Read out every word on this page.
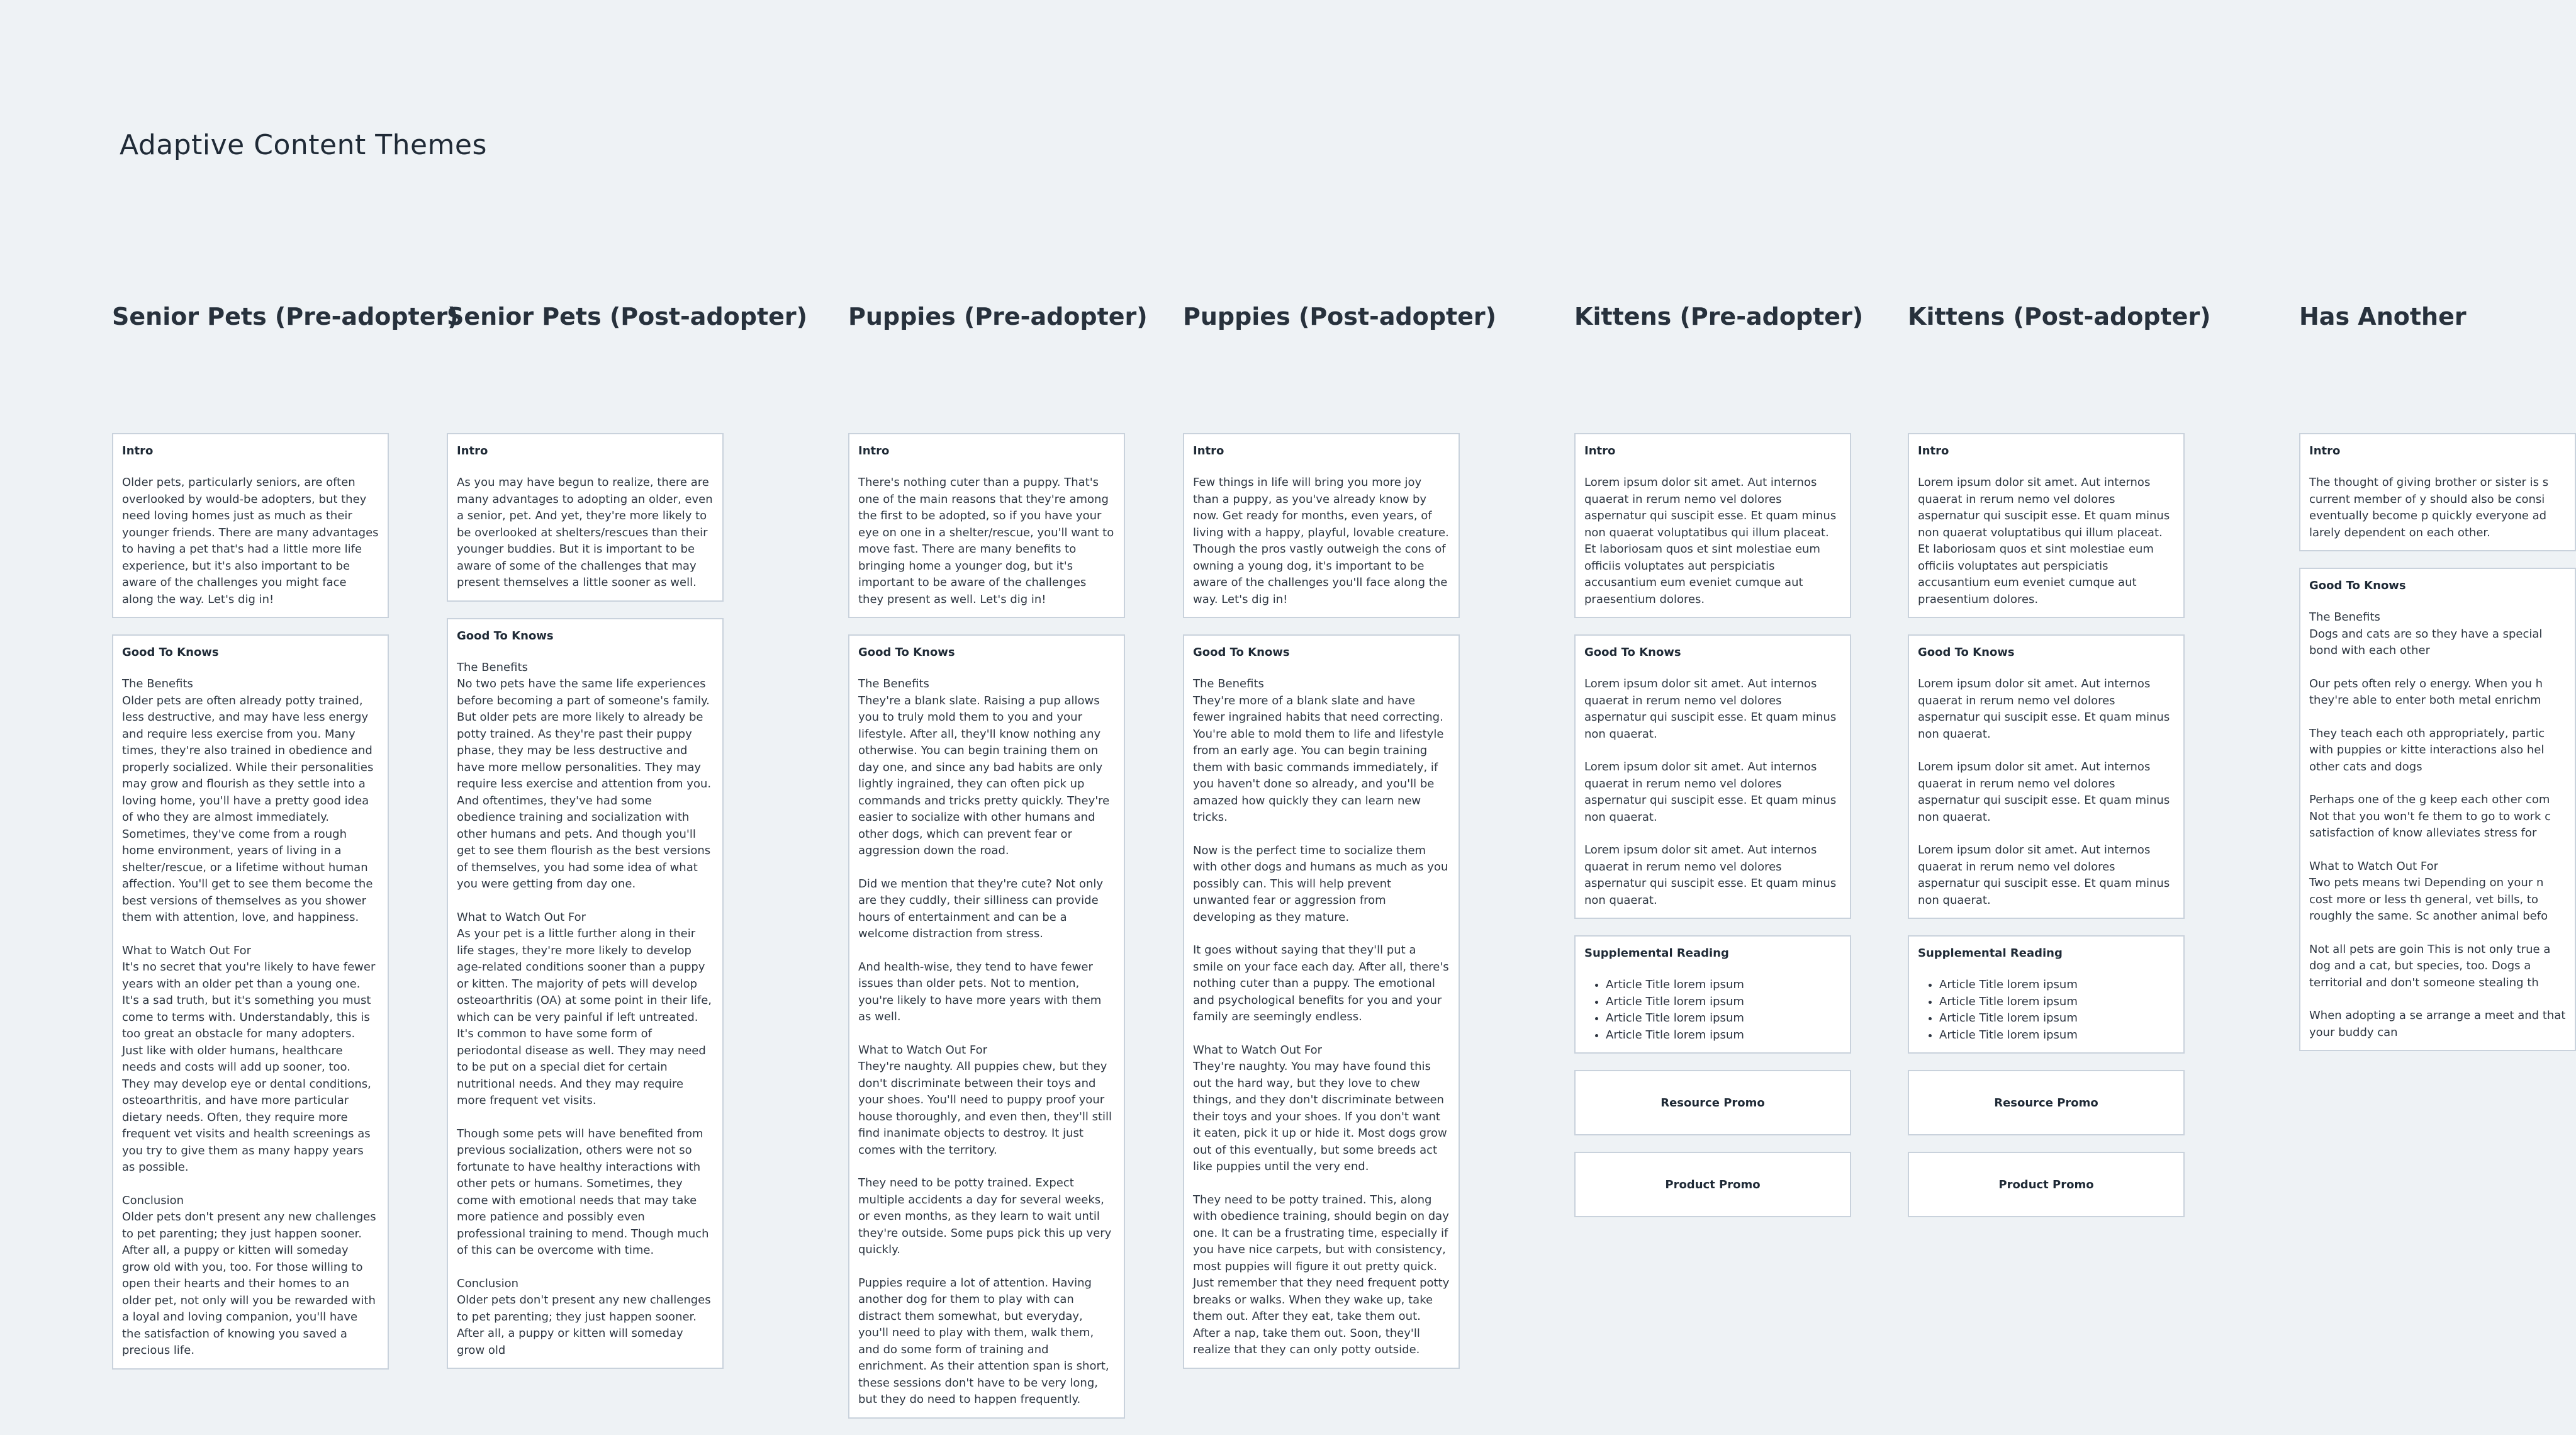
Adaptive Content Themes
Senior Pets (Pre-adopter)
Intro

Older pets, particularly seniors, are often overlooked by would-be adopters, but they need loving homes just as much as their younger friends. There are many advantages to having a pet that's had a little more life experience, but it's also important to be aware of the challenges you might face along the way. Let's dig in!

Good To Knows

The Benefits
Older pets are often already potty trained, less destructive, and may have less energy and require less exercise from you. Many times, they're also trained in obedience and properly socialized. While their personalities may grow and flourish as they settle into a loving home, you'll have a pretty good idea of who they are almost immediately. Sometimes, they've come from a rough home environment, years of living in a shelter/rescue, or a lifetime without human affection. You'll get to see them become the best versions of themselves as you shower them with attention, love, and happiness.

What to Watch Out For
It's no secret that you're likely to have fewer years with an older pet than a young one. It's a sad truth, but it's something you must come to terms with. Understandably, this is too great an obstacle for many adopters. Just like with older humans, healthcare needs and costs will add up sooner, too. They may develop eye or dental conditions, osteoarthritis, and have more particular dietary needs. Often, they require more frequent vet visits and health screenings as you try to give them as many happy years as possible.

Conclusion
Older pets don't present any new challenges to pet parenting; they just happen sooner. After all, a puppy or kitten will someday grow old with you, too. For those willing to open their hearts and their homes to an older pet, not only will you be rewarded with a loyal and loving companion, you'll have the satisfaction of knowing you saved a precious life.

Senior Pets (Post-adopter)
Intro

As you may have begun to realize, there are many advantages to adopting an older, even a senior, pet. And yet, they're more likely to be overlooked at shelters/rescues than their younger buddies. But it is important to be aware of some of the challenges that may present themselves a little sooner as well.

Good To Knows

The Benefits
No two pets have the same life experiences before becoming a part of someone's family. But older pets are more likely to already be potty trained. As they're past their puppy phase, they may be less destructive and have more mellow personalities. They may require less exercise and attention from you. And oftentimes, they've had some obedience training and socialization with other humans and pets. And though you'll get to see them flourish as the best versions of themselves, you had some idea of what you were getting from day one.

What to Watch Out For
As your pet is a little further along in their life stages, they're more likely to develop age-related conditions sooner than a puppy or kitten. The majority of pets will develop osteoarthritis (OA) at some point in their life, which can be very painful if left untreated. It's common to have some form of periodontal disease as well. They may need to be put on a special diet for certain nutritional needs. And they may require more frequent vet visits.

Though some pets will have benefited from previous socialization, others were not so fortunate to have healthy interactions with other pets or humans. Sometimes, they come with emotional needs that may take more patience and possibly even professional training to mend. Though much of this can be overcome with time.

Conclusion
Older pets don't present any new challenges to pet parenting; they just happen sooner. After all, a puppy or kitten will someday grow old

Puppies (Pre-adopter)
Intro

There's nothing cuter than a puppy. That's one of the main reasons that they're among the first to be adopted, so if you have your eye on one in a shelter/rescue, you'll want to move fast. There are many benefits to bringing home a younger dog, but it's important to be aware of the challenges they present as well. Let's dig in!

Good To Knows

The Benefits
They're a blank slate. Raising a pup allows you to truly mold them to you and your lifestyle. After all, they'll know nothing any otherwise. You can begin training them on day one, and since any bad habits are only lightly ingrained, they can often pick up commands and tricks pretty quickly. They're easier to socialize with other humans and other dogs, which can prevent fear or aggression down the road.

Did we mention that they're cute? Not only are they cuddly, their silliness can provide hours of entertainment and can be a welcome distraction from stress.

And health-wise, they tend to have fewer issues than older pets. Not to mention, you're likely to have more years with them as well.

What to Watch Out For
They're naughty. All puppies chew, but they don't discriminate between their toys and your shoes. You'll need to puppy proof your house thoroughly, and even then, they'll still find inanimate objects to destroy. It just comes with the territory.

They need to be potty trained. Expect multiple accidents a day for several weeks, or even months, as they learn to wait until they're outside. Some pups pick this up very quickly.

Puppies require a lot of attention. Having another dog for them to play with can distract them somewhat, but everyday, you'll need to play with them, walk them, and do some form of training and enrichment. As their attention span is short, these sessions don't have to be very long, but they do need to happen frequently.

Puppies (Post-adopter)
Intro

Few things in life will bring you more joy than a puppy, as you've already know by now. Get ready for months, even years, of living with a happy, playful, lovable creature. Though the pros vastly outweigh the cons of owning a young dog, it's important to be aware of the challenges you'll face along the way. Let's dig in!

Good To Knows

The Benefits
They're more of a blank slate and have fewer ingrained habits that need correcting. You're able to mold them to life and lifestyle from an early age. You can begin training them with basic commands immediately, if you haven't done so already, and you'll be amazed how quickly they can learn new tricks.

Now is the perfect time to socialize them with other dogs and humans as much as you possibly can. This will help prevent unwanted fear or aggression from developing as they mature.

It goes without saying that they'll put a smile on your face each day. After all, there's nothing cuter than a puppy. The emotional and psychological benefits for you and your family are seemingly endless.

What to Watch Out For
They're naughty. You may have found this out the hard way, but they love to chew things, and they don't discriminate between their toys and your shoes. If you don't want it eaten, pick it up or hide it. Most dogs grow out of this eventually, but some breeds act like puppies until the very end.

They need to be potty trained. This, along with obedience training, should begin on day one. It can be a frustrating time, especially if you have nice carpets, but with consistency, most puppies will figure it out pretty quick. Just remember that they need frequent potty breaks or walks. When they wake up, take them out. After they eat, take them out. After a nap, take them out. Soon, they'll realize that they can only potty outside.

Kittens (Pre-adopter)
Intro

Lorem ipsum dolor sit amet. Aut internos quaerat in rerum nemo vel dolores aspernatur qui suscipit esse. Et quam minus non quaerat voluptatibus qui illum placeat. Et laboriosam quos et sint molestiae eum officiis voluptates aut perspiciatis accusantium eum eveniet cumque aut praesentium dolores.

Good To Knows

Lorem ipsum dolor sit amet. Aut internos quaerat in rerum nemo vel dolores aspernatur qui suscipit esse. Et quam minus non quaerat.

Lorem ipsum dolor sit amet. Aut internos quaerat in rerum nemo vel dolores aspernatur qui suscipit esse. Et quam minus non quaerat.

Lorem ipsum dolor sit amet. Aut internos quaerat in rerum nemo vel dolores aspernatur qui suscipit esse. Et quam minus non quaerat.

Supplemental Reading
• Article Title lorem ipsum
• Article Title lorem ipsum
• Article Title lorem ipsum
• Article Title lorem ipsum
Resource Promo
Product Promo
Kittens (Post-adopter)
Intro

Lorem ipsum dolor sit amet. Aut internos quaerat in rerum nemo vel dolores aspernatur qui suscipit esse. Et quam minus non quaerat voluptatibus qui illum placeat. Et laboriosam quos et sint molestiae eum officiis voluptates aut perspiciatis accusantium eum eveniet cumque aut praesentium dolores.

Good To Knows

Lorem ipsum dolor sit amet. Aut internos quaerat in rerum nemo vel dolores aspernatur qui suscipit esse. Et quam minus non quaerat.

Lorem ipsum dolor sit amet. Aut internos quaerat in rerum nemo vel dolores aspernatur qui suscipit esse. Et quam minus non quaerat.

Lorem ipsum dolor sit amet. Aut internos quaerat in rerum nemo vel dolores aspernatur qui suscipit esse. Et quam minus non quaerat.

Supplemental Reading
• Article Title lorem ipsum
• Article Title lorem ipsum
• Article Title lorem ipsum
• Article Title lorem ipsum
Resource Promo
Product Promo
Has Another
Intro

The thought of giving brother or sister is s current member of y should also be consi eventually become p quickly everyone ad larely dependent on each other.

Good To Knows

The Benefits
Dogs and cats are so they have a special bond with each other

Our pets often rely o energy. When you h they're able to enter both metal enrichm

They teach each oth appropriately, partic with puppies or kitte interactions also hel other cats and dogs

Perhaps one of the g keep each other com Not that you won't fe them to go to work c satisfaction of know alleviates stress for

What to Watch Out For
Two pets means twi Depending on your n cost more or less th general, vet bills, to roughly the same. Sc another animal befo

Not all pets are goin This is not only true a dog and a cat, but species, too. Dogs a territorial and don't someone stealing th

When adopting a se arrange a meet and that your buddy can
